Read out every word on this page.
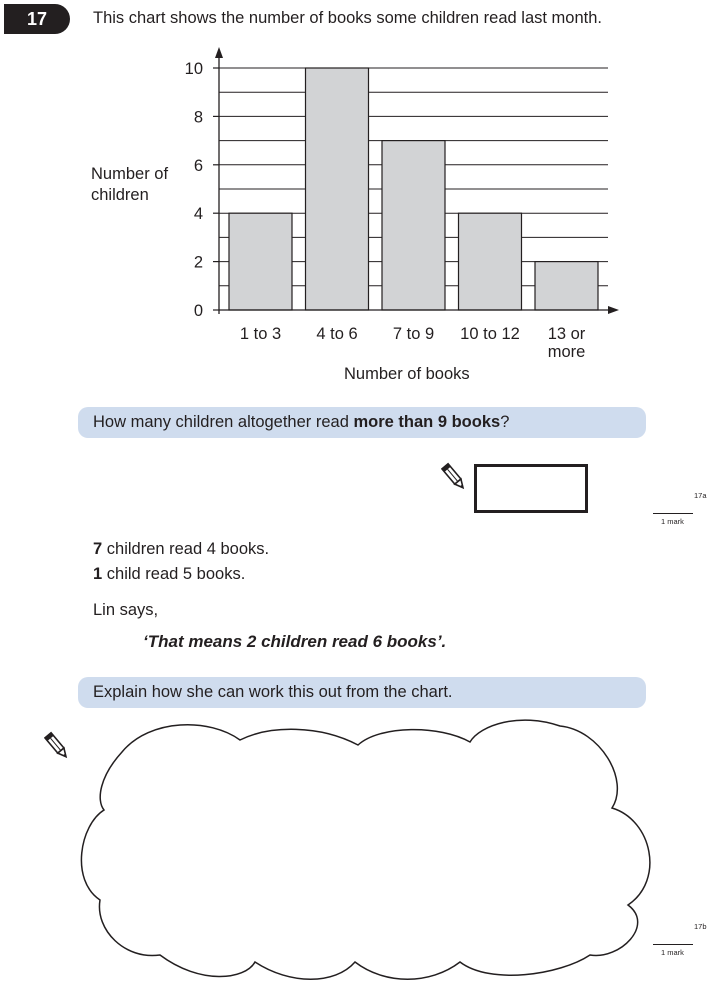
17	This chart shows the number of books some children read last month.
0
2
4
6
8
10
1 to 3 4 to 6 7 to 9 10 to 12 13 or
more
Number of
children
Number of books
How many children altogether read more than 9 books?
17a
1 mark
7 children read 4 books.
1 child read 5 books.
Lin says,
‘That means 2 children read 6 books’.
Explain how she can work this out from the chart.
17b
1 mark
